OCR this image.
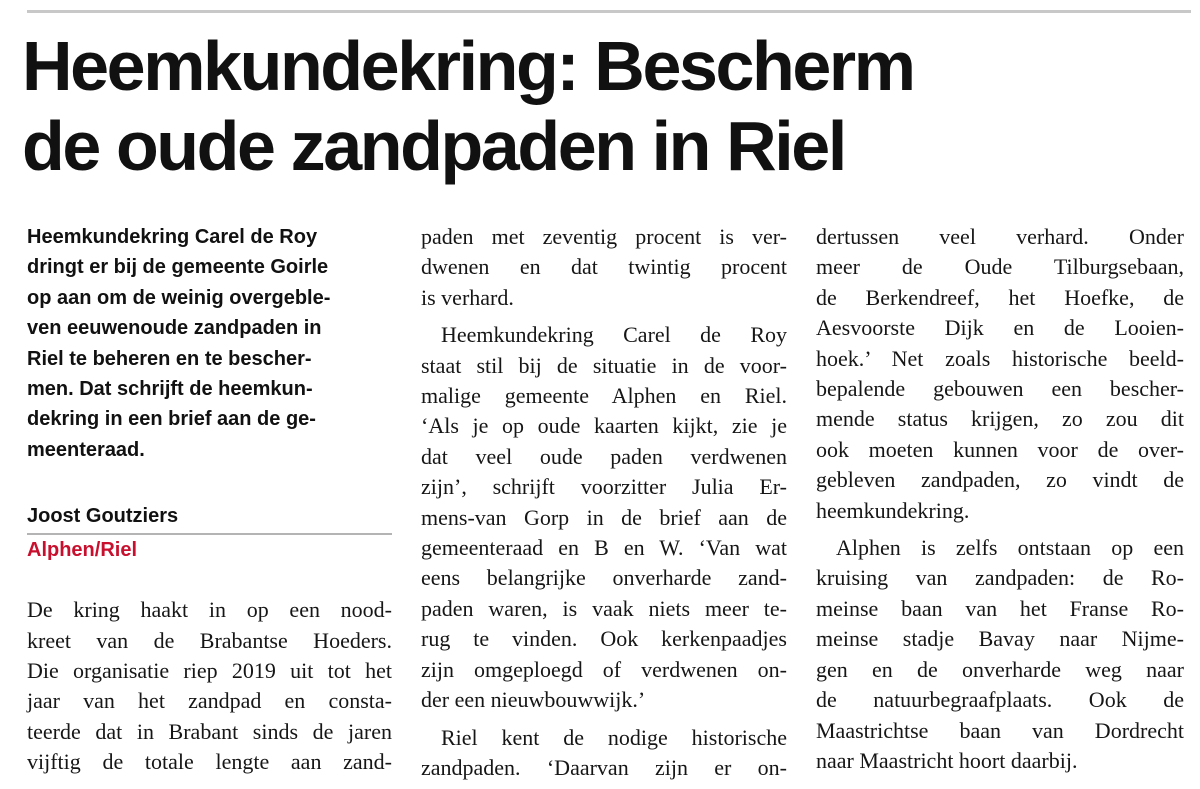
Heemkundekring: Bescherm
de oude zandpaden in Riel

Heemkundekring Carel de Roy
dringt er bij de gemeente Goirle
op aan om de weinig overgeble-
ven eeuwenoude zandpaden in
Riel te beheren en te bescher-
men. Dat schrijft de heemkun-
dekring in een brief aan de ge-
meenteraad.

Joost Goutziers
Alphen/Riel

De kring haakt in op een nood-
kreet van de Brabantse Hoeders.
Die organisatie riep 2019 uit tot het
jaar van het zandpad en consta-
teerde dat in Brabant sinds de jaren
vijftig de totale lengte aan zand-

paden met zeventig procent is ver-
dwenen en dat twintig procent
is verhard.

Heemkundekring Carel de Roy
staat stil bij de situatie in de voor-
malige gemeente Alphen en Riel.
‘Als je op oude kaarten kijkt, zie je
dat veel oude paden verdwenen
zijn’, schrijft voorzitter Julia Er-
mens-van Gorp in de brief aan de
gemeenteraad en B en W. ‘Van wat
eens belangrijke onverharde zand-
paden waren, is vaak niets meer te-
rug te vinden. Ook kerkenpaadjes
zijn omgeploegd of verdwenen on-
der een nieuwbouwwijk.’

Riel kent de nodige historische
zandpaden. ‘Daarvan zijn er on-

dertussen veel verhard. Onder
meer de Oude Tilburgsebaan,
de Berkendreef, het Hoefke, de
Aesvoorste Dijk en de Looien-
hoek.’ Net zoals historische beeld-
bepalende gebouwen een bescher-
mende status krijgen, zo zou dit
ook moeten kunnen voor de over-
gebleven zandpaden, zo vindt de
heemkundekring.

Alphen is zelfs ontstaan op een
kruising van zandpaden: de Ro-
meinse baan van het Franse Ro-
meinse stadje Bavay naar Nijme-
gen en de onverharde weg naar
de natuurbegraafplaats. Ook de
Maastrichtse baan van Dordrecht
naar Maastricht hoort daarbij.
